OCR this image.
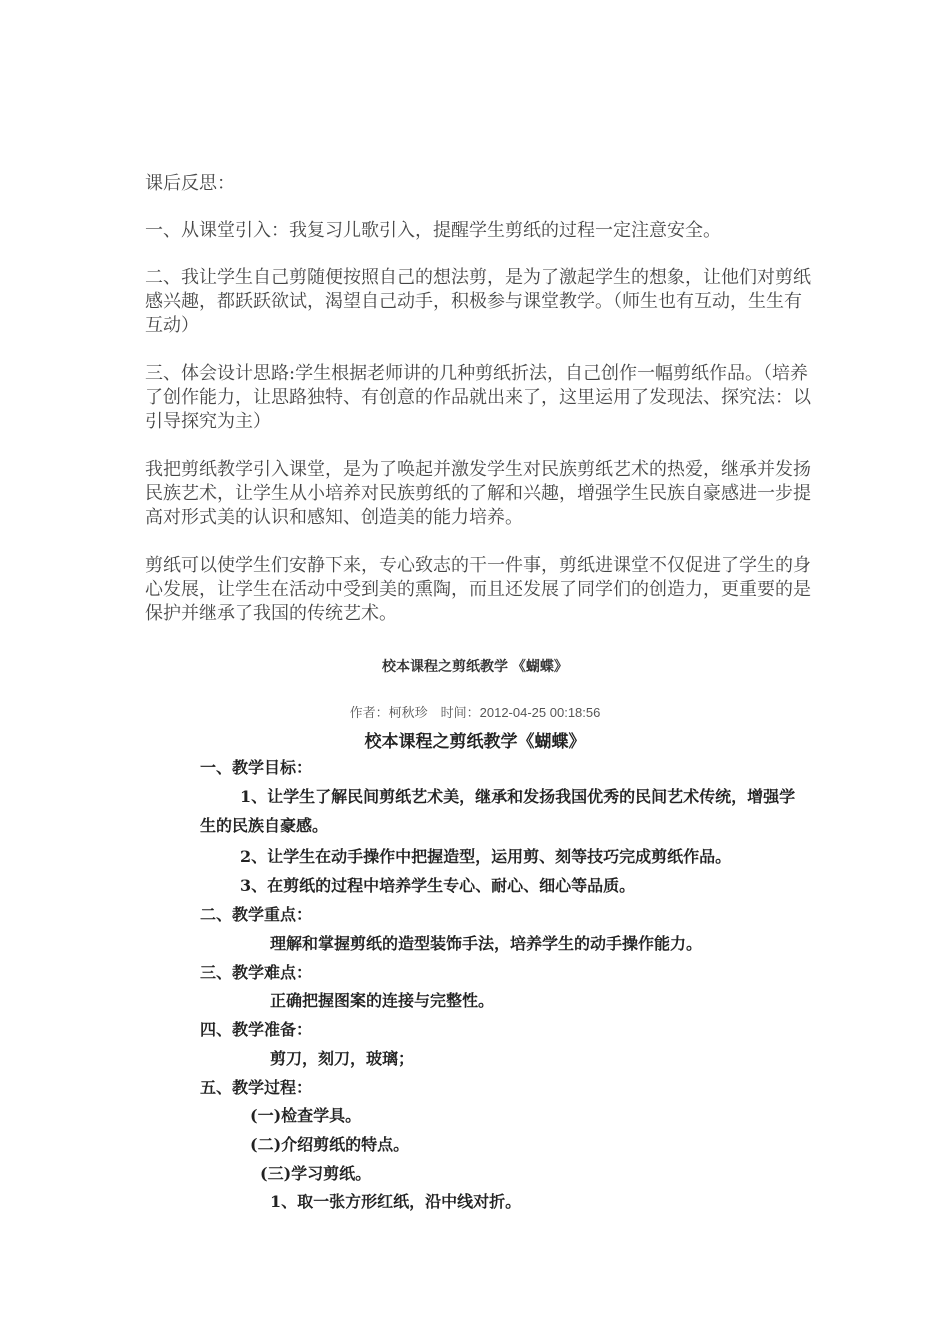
课后反思：

一、从课堂引入：我复习儿歌引入，提醒学生剪纸的过程一定注意安全。

二、我让学生自己剪随便按照自己的想法剪，是为了激起学生的想象，让他们对剪纸感兴趣，都跃跃欲试，渴望自己动手，积极参与课堂教学。（师生也有互动，生生有互动）

三、体会设计思路:学生根据老师讲的几种剪纸折法，自己创作一幅剪纸作品。（培养了创作能力，让思路独特、有创意的作品就出来了，这里运用了发现法、探究法：以引导探究为主）

我把剪纸教学引入课堂，是为了唤起并激发学生对民族剪纸艺术的热爱，继承并发扬民族艺术，让学生从小培养对民族剪纸的了解和兴趣，增强学生民族自豪感进一步提高对形式美的认识和感知、创造美的能力培养。

剪纸可以使学生们安静下来，专心致志的干一件事，剪纸进课堂不仅促进了学生的身心发展，让学生在活动中受到美的熏陶，而且还发展了同学们的创造力，更重要的是保护并继承了我国的传统艺术。

校本课程之剪纸教学 《蝴蝶》
作者：柯秋珍　时间：2012-04-25 00:18:56
校本课程之剪纸教学《蝴蝶》
一、教学目标：
1、让学生了解民间剪纸艺术美，继承和发扬我国优秀的民间艺术传统，增强学生的民族自豪感。
2、让学生在动手操作中把握造型，运用剪、刻等技巧完成剪纸作品。
3、在剪纸的过程中培养学生专心、耐心、细心等品质。
二、教学重点：
理解和掌握剪纸的造型装饰手法，培养学生的动手操作能力。
三、教学难点：
正确把握图案的连接与完整性。
四、教学准备：
剪刀，刻刀，玻璃；
五、教学过程：
(一)检查学具。
(二)介绍剪纸的特点。
(三)学习剪纸。
1、取一张方形红纸，沿中线对折。
